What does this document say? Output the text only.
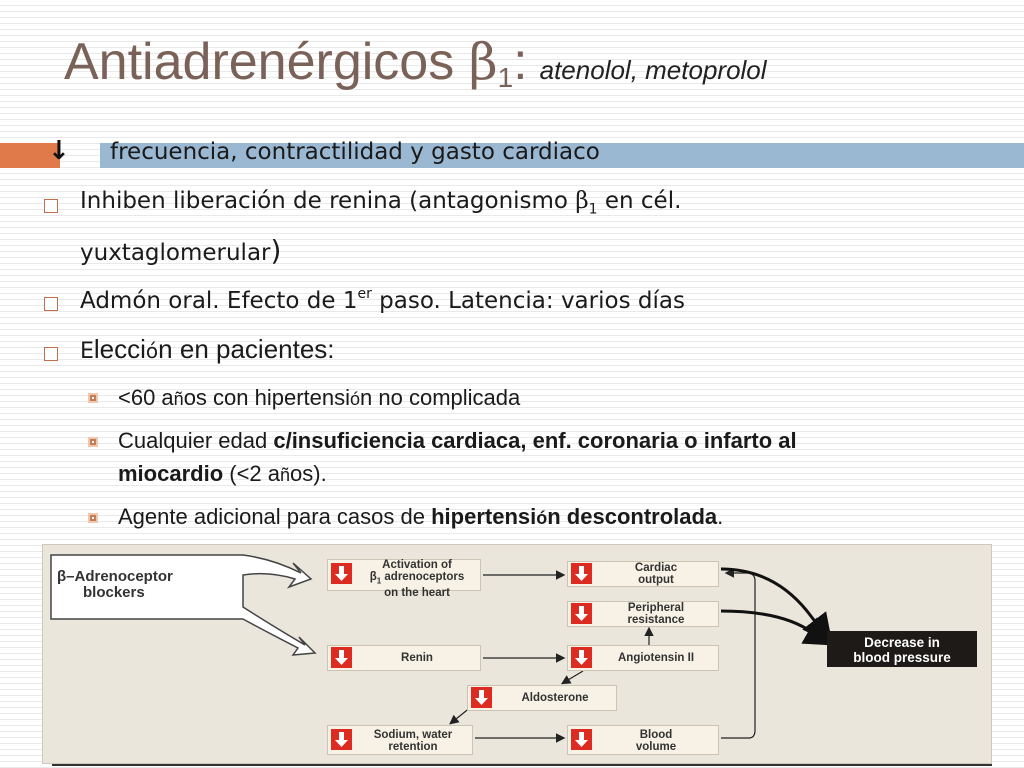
Antiadrenérgicos $\beta_1$: atenolol, metoprolol
↓ frecuencia, contractilidad y gasto cardiaco
Inhiben liberación de renina (antagonismo $\beta_1$ en cél.
yuxtaglomerular)
Admón oral. Efecto de 1er paso. Latencia: varios días
Elección en pacientes:
<60 años con hipertensión no complicada
Cualquier edad c/insuficiencia cardiaca, enf. coronaria o infarto al
miocardio (<2 años).
Agente adicional para casos de hipertensión descontrolada.
β–Adrenoceptor
blockers
Activation of
$\beta_1$ adrenoceptors
on the heart
Renin
Sodium, water
retention
Cardiac
output
Peripheral
resistance
Angiotensin II
Aldosterone
Blood
volume
Decrease in
blood pressure
